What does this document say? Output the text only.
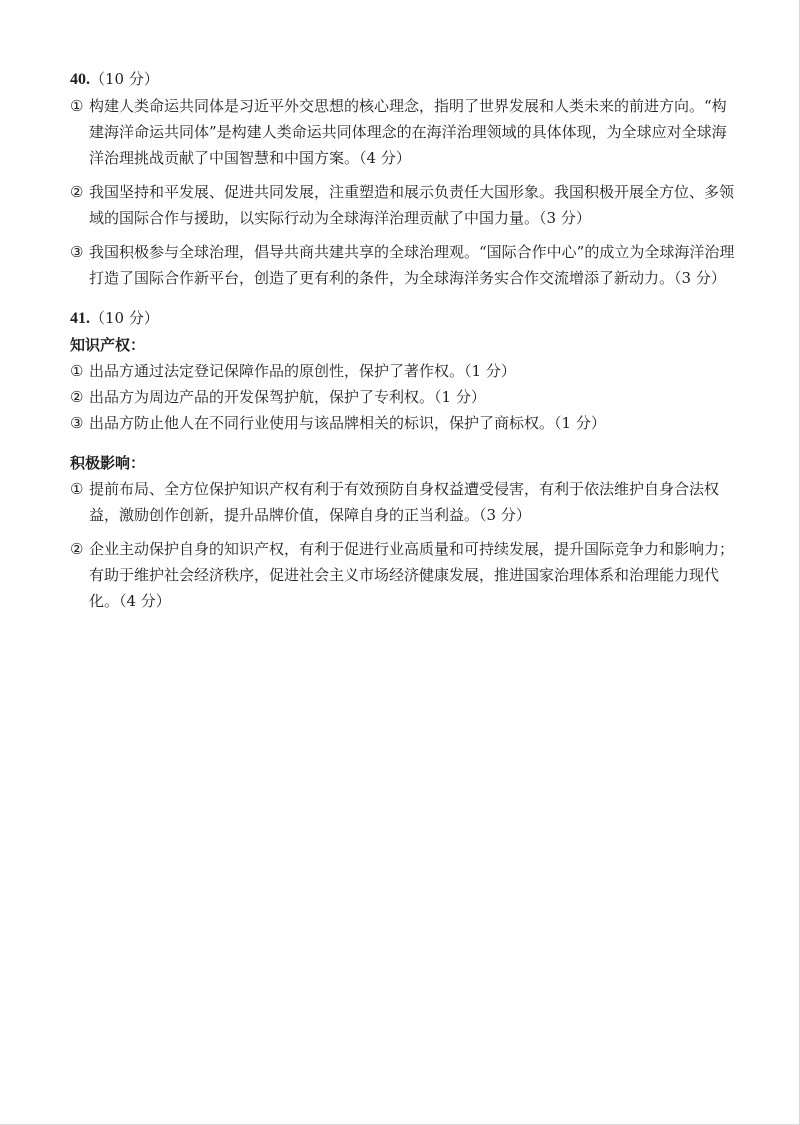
40.（10 分）
① 构建人类命运共同体是习近平外交思想的核心理念，指明了世界发展和人类未来的前进方向。“构建海洋命运共同体”是构建人类命运共同体理念的在海洋治理领域的具体体现，为全球应对全球海洋治理挑战贡献了中国智慧和中国方案。（4 分）
② 我国坚持和平发展、促进共同发展，注重塑造和展示负责任大国形象。我国积极开展全方位、多领域的国际合作与援助，以实际行动为全球海洋治理贡献了中国力量。（3 分）
③ 我国积极参与全球治理，倡导共商共建共享的全球治理观。“国际合作中心”的成立为全球海洋治理打造了国际合作新平台，创造了更有利的条件，为全球海洋务实合作交流增添了新动力。（3 分）
41.（10 分）
知识产权：
① 出品方通过法定登记保障作品的原创性，保护了著作权。（1 分）
② 出品方为周边产品的开发保驾护航，保护了专利权。（1 分）
③ 出品方防止他人在不同行业使用与该品牌相关的标识，保护了商标权。（1 分）
积极影响：
① 提前布局、全方位保护知识产权有利于有效预防自身权益遭受侵害，有利于依法维护自身合法权益，激励创作创新，提升品牌价值，保障自身的正当利益。（3 分）
② 企业主动保护自身的知识产权，有利于促进行业高质量和可持续发展，提升国际竞争力和影响力；有助于维护社会经济秩序，促进社会主义市场经济健康发展，推进国家治理体系和治理能力现代化。（4 分）
